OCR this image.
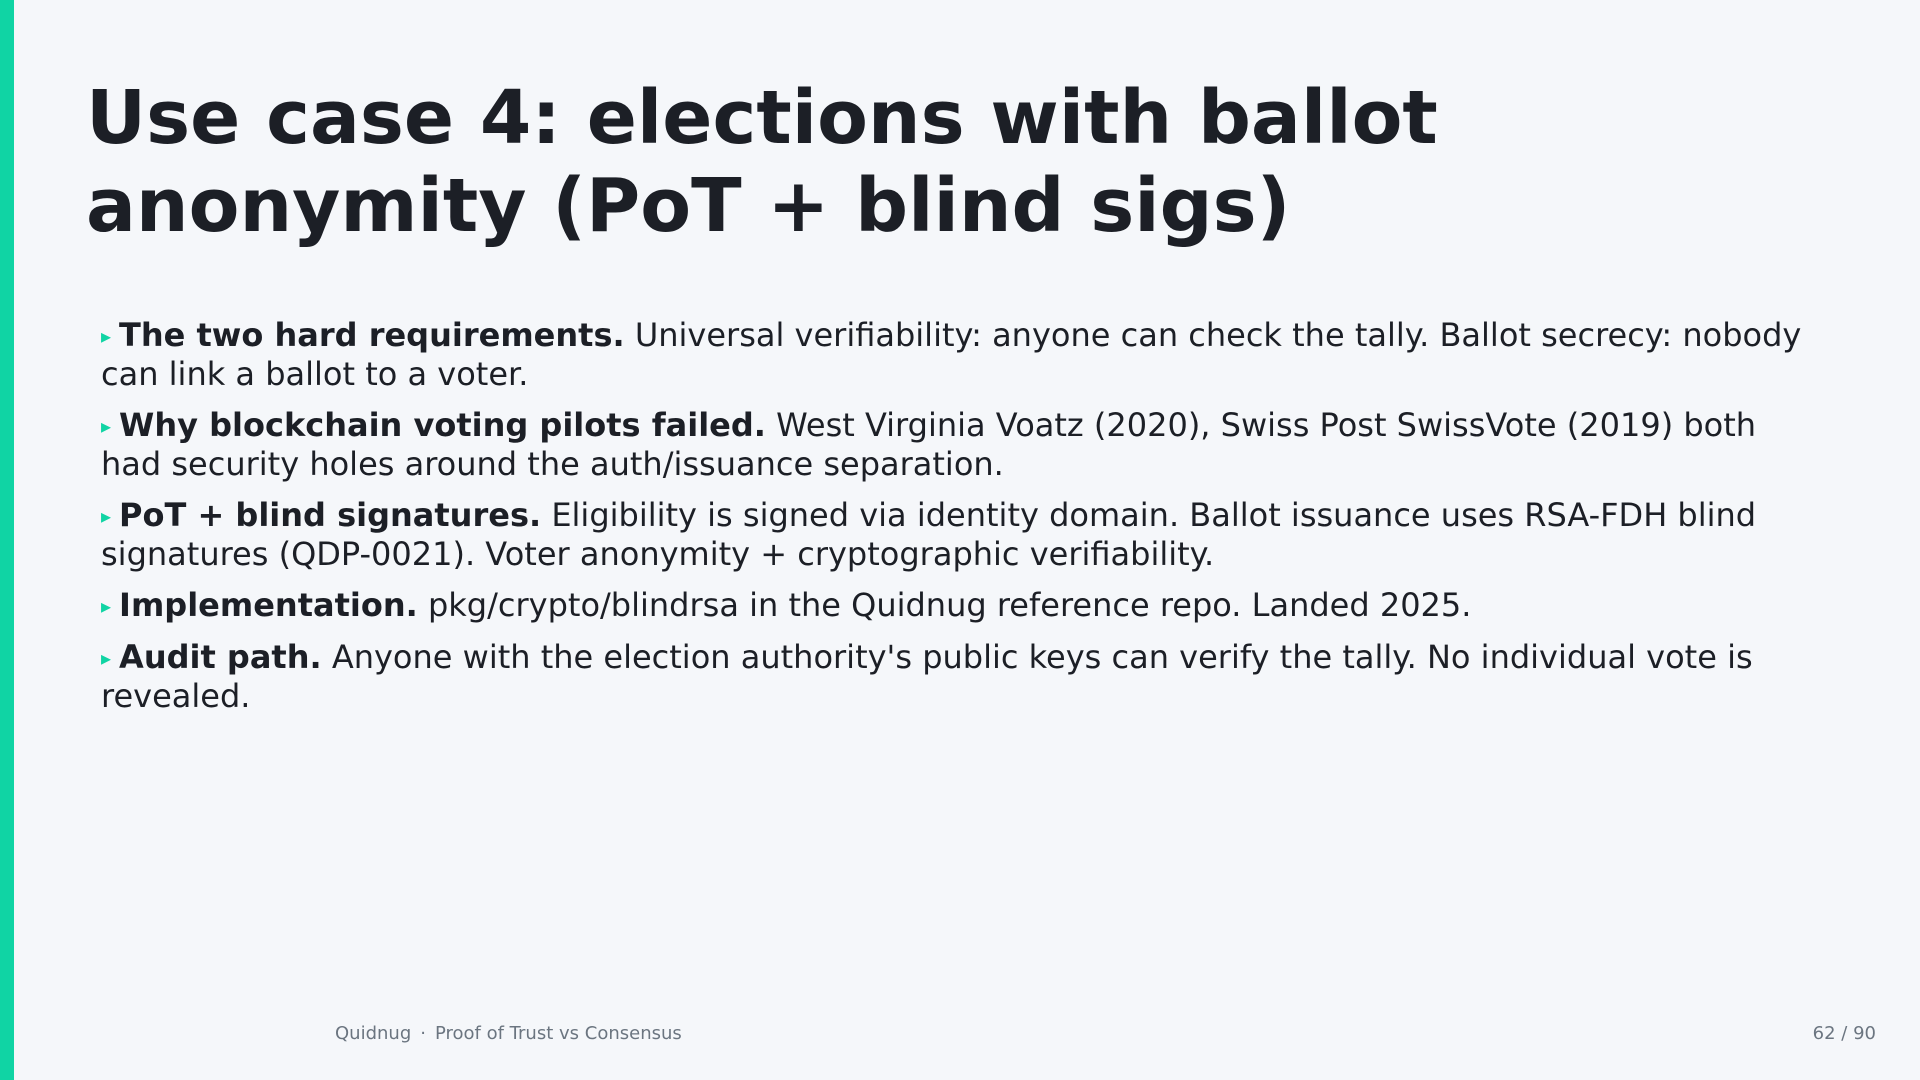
Use case 4: elections with ballot anonymity (PoT + blind sigs)
▸ The two hard requirements. Universal verifiability: anyone can check the tally. Ballot secrecy: nobody can link a ballot to a voter.
▸ Why blockchain voting pilots failed. West Virginia Voatz (2020), Swiss Post SwissVote (2019) both had security holes around the auth/issuance separation.
▸ PoT + blind signatures. Eligibility is signed via identity domain. Ballot issuance uses RSA-FDH blind signatures (QDP-0021). Voter anonymity + cryptographic verifiability.
▸ Implementation. pkg/crypto/blindrsa in the Quidnug reference repo. Landed 2025.
▸ Audit path. Anyone with the election authority's public keys can verify the tally. No individual vote is revealed.
Quidnug · Proof of Trust vs Consensus	62 / 90
